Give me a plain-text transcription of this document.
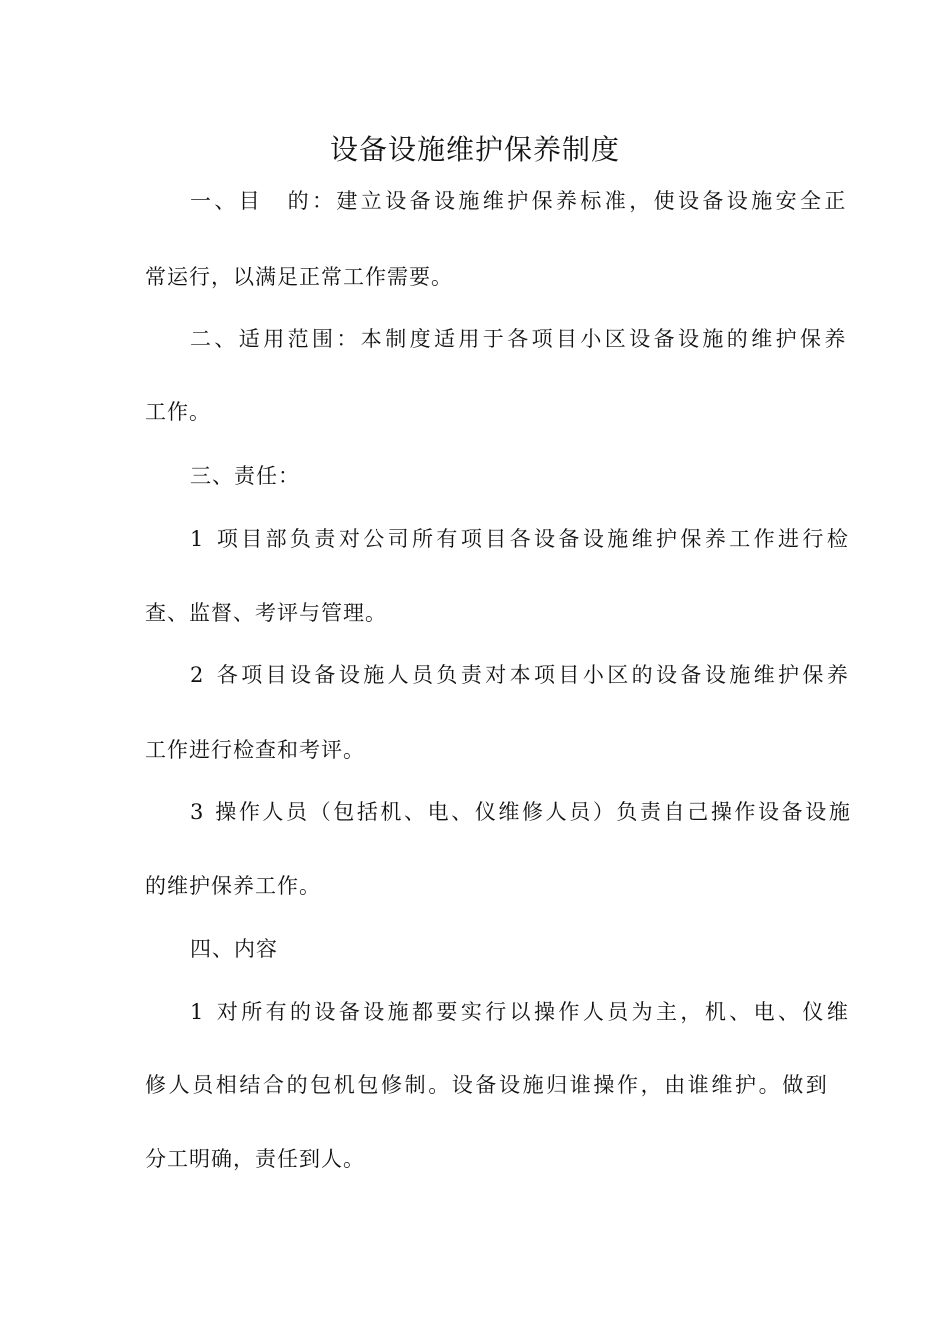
设备设施维护保养制度
一、目　的：建立设备设施维护保养标准，使设备设施安全正
常运行，以满足正常工作需要。
二、适用范围：本制度适用于各项目小区设备设施的维护保养
工作。
三、责任：
1 项目部负责对公司所有项目各设备设施维护保养工作进行检
查、监督、考评与管理。
2 各项目设备设施人员负责对本项目小区的设备设施维护保养
工作进行检查和考评。
3 操作人员（包括机、电、仪维修人员）负责自己操作设备设施
的维护保养工作。
四、内容
1 对所有的设备设施都要实行以操作人员为主，机、电、仪维
修人员相结合的包机包修制。设备设施归谁操作，由谁维护。做到
分工明确，责任到人。
